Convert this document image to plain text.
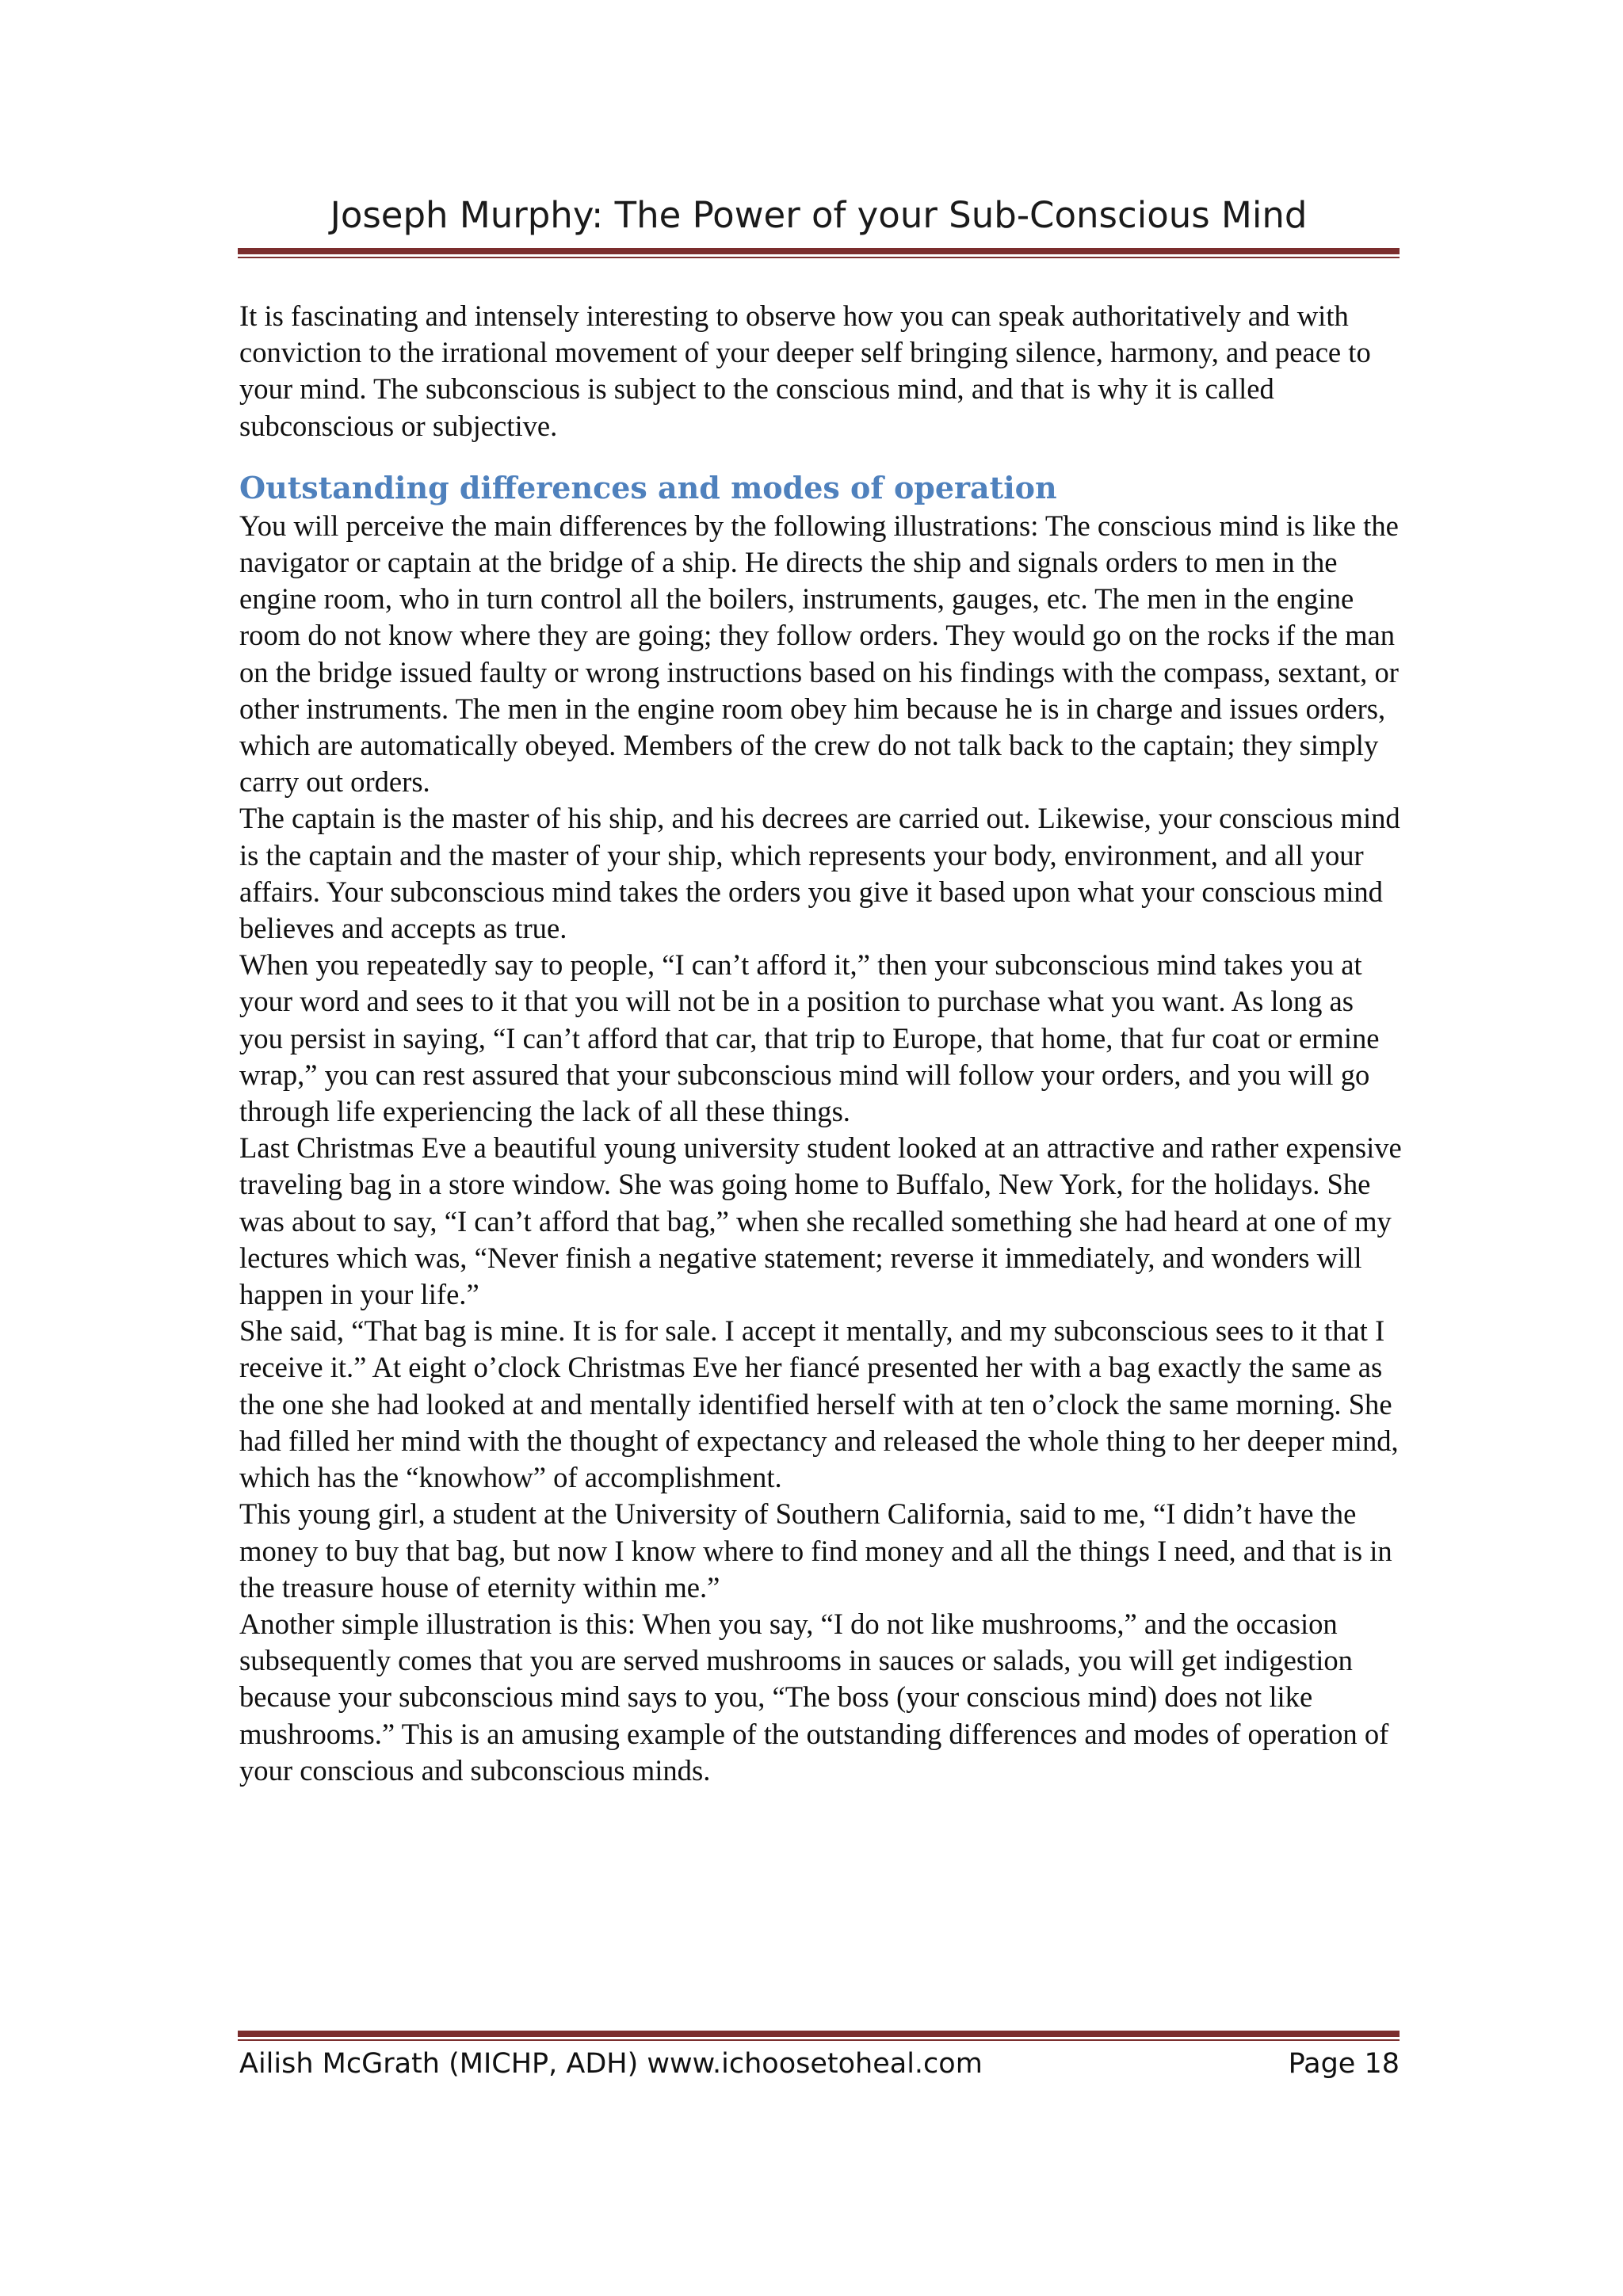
Joseph Murphy: The Power of your Sub-Conscious Mind

It is fascinating and intensely interesting to observe how you can speak authoritatively and with conviction to the irrational movement of your deeper self bringing silence, harmony, and peace to your mind. The subconscious is subject to the conscious mind, and that is why it is called subconscious or subjective.

Outstanding differences and modes of operation

You will perceive the main differences by the following illustrations: The conscious mind is like the navigator or captain at the bridge of a ship. He directs the ship and signals orders to men in the engine room, who in turn control all the boilers, instruments, gauges, etc. The men in the engine room do not know where they are going; they follow orders. They would go on the rocks if the man on the bridge issued faulty or wrong instructions based on his findings with the compass, sextant, or other instruments. The men in the engine room obey him because he is in charge and issues orders, which are automatically obeyed. Members of the crew do not talk back to the captain; they simply carry out orders.

The captain is the master of his ship, and his decrees are carried out. Likewise, your conscious mind is the captain and the master of your ship, which represents your body, environment, and all your affairs. Your subconscious mind takes the orders you give it based upon what your conscious mind believes and accepts as true.

When you repeatedly say to people, “I can’t afford it,” then your subconscious mind takes you at your word and sees to it that you will not be in a position to purchase what you want. As long as you persist in saying, “I can’t afford that car, that trip to Europe, that home, that fur coat or ermine wrap,” you can rest assured that your subconscious mind will follow your orders, and you will go through life experiencing the lack of all these things.

Last Christmas Eve a beautiful young university student looked at an attractive and rather expensive traveling bag in a store window. She was going home to Buffalo, New York, for the holidays. She was about to say, “I can’t afford that bag,” when she recalled something she had heard at one of my lectures which was, “Never finish a negative statement; reverse it immediately, and wonders will happen in your life.”

She said, “That bag is mine. It is for sale. I accept it mentally, and my subconscious sees to it that I receive it.” At eight o’clock Christmas Eve her fiancé presented her with a bag exactly the same as the one she had looked at and mentally identified herself with at ten o’clock the same morning. She had filled her mind with the thought of expectancy and released the whole thing to her deeper mind, which has the “knowhow” of accomplishment.

This young girl, a student at the University of Southern California, said to me, “I didn’t have the money to buy that bag, but now I know where to find money and all the things I need, and that is in the treasure house of eternity within me.”

Another simple illustration is this: When you say, “I do not like mushrooms,” and the occasion subsequently comes that you are served mushrooms in sauces or salads, you will get indigestion because your subconscious mind says to you, “The boss (your conscious mind) does not like mushrooms.” This is an amusing example of the outstanding differences and modes of operation of your conscious and subconscious minds.

Ailish McGrath (MICHP, ADH) www.ichoosetoheal.com	Page 18
